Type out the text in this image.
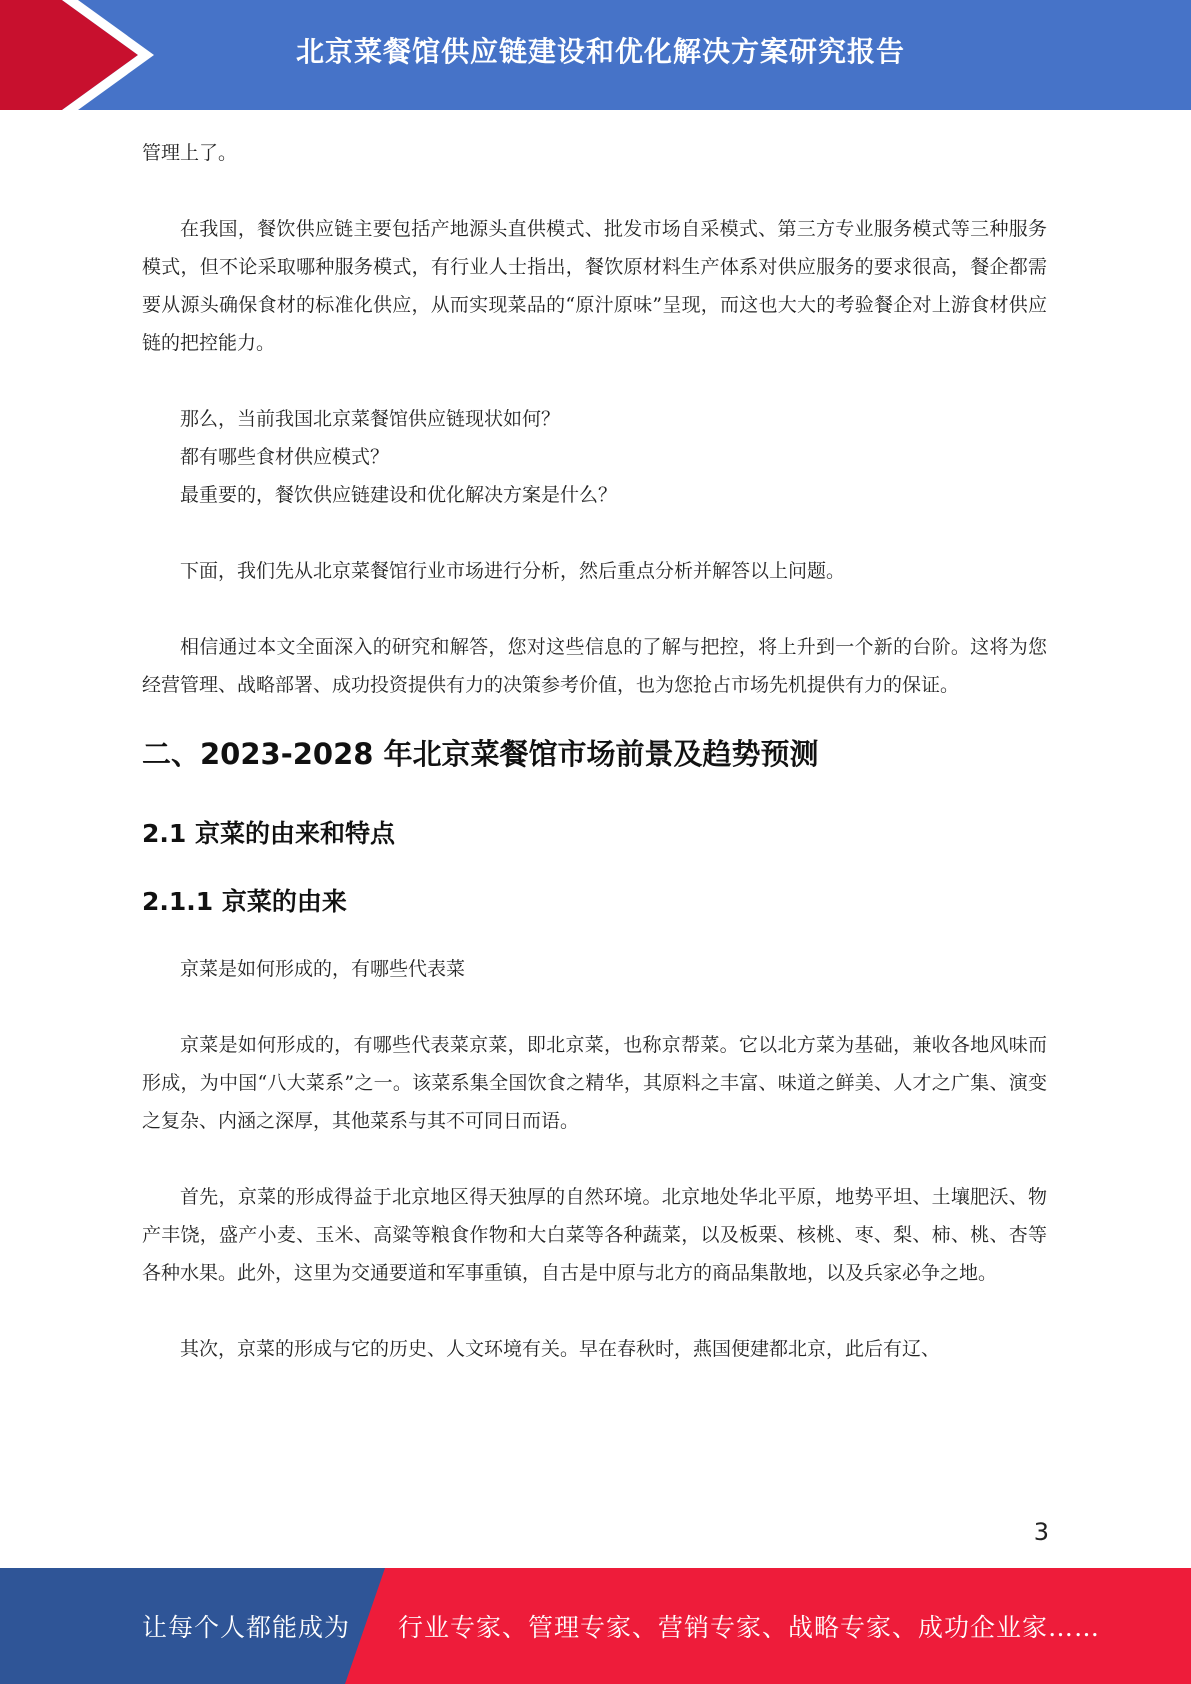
北京菜餐馆供应链建设和优化解决方案研究报告

管理上了。

在我国，餐饮供应链主要包括产地源头直供模式、批发市场自采模式、第三方专业服务模式等三种服务模式，但不论采取哪种服务模式，有行业人士指出，餐饮原材料生产体系对供应服务的要求很高，餐企都需要从源头确保食材的标准化供应，从而实现菜品的“原汁原味”呈现，而这也大大的考验餐企对上游食材供应链的把控能力。

那么，当前我国北京菜餐馆供应链现状如何？

都有哪些食材供应模式？

最重要的，餐饮供应链建设和优化解决方案是什么？

下面，我们先从北京菜餐馆行业市场进行分析，然后重点分析并解答以上问题。

相信通过本文全面深入的研究和解答，您对这些信息的了解与把控，将上升到一个新的台阶。这将为您经营管理、战略部署、成功投资提供有力的决策参考价值，也为您抢占市场先机提供有力的保证。

二、2023-2028 年北京菜餐馆市场前景及趋势预测
2.1 京菜的由来和特点
2.1.1 京菜的由来

京菜是如何形成的，有哪些代表菜

京菜是如何形成的，有哪些代表菜京菜，即北京菜，也称京帮菜。它以北方菜为基础，兼收各地风味而形成，为中国“八大菜系”之一。该菜系集全国饮食之精华，其原料之丰富、味道之鲜美、人才之广集、演变之复杂、内涵之深厚，其他菜系与其不可同日而语。

首先，京菜的形成得益于北京地区得天独厚的自然环境。北京地处华北平原，地势平坦、土壤肥沃、物产丰饶，盛产小麦、玉米、高粱等粮食作物和大白菜等各种蔬菜，以及板栗、核桃、枣、梨、柿、桃、杏等各种水果。此外，这里为交通要道和军事重镇，自古是中原与北方的商品集散地，以及兵家必争之地。

其次，京菜的形成与它的历史、人文环境有关。早在春秋时，燕国便建都北京，此后有辽、

3
让每个人都能成为 行业专家、管理专家、营销专家、战略专家、成功企业家……
